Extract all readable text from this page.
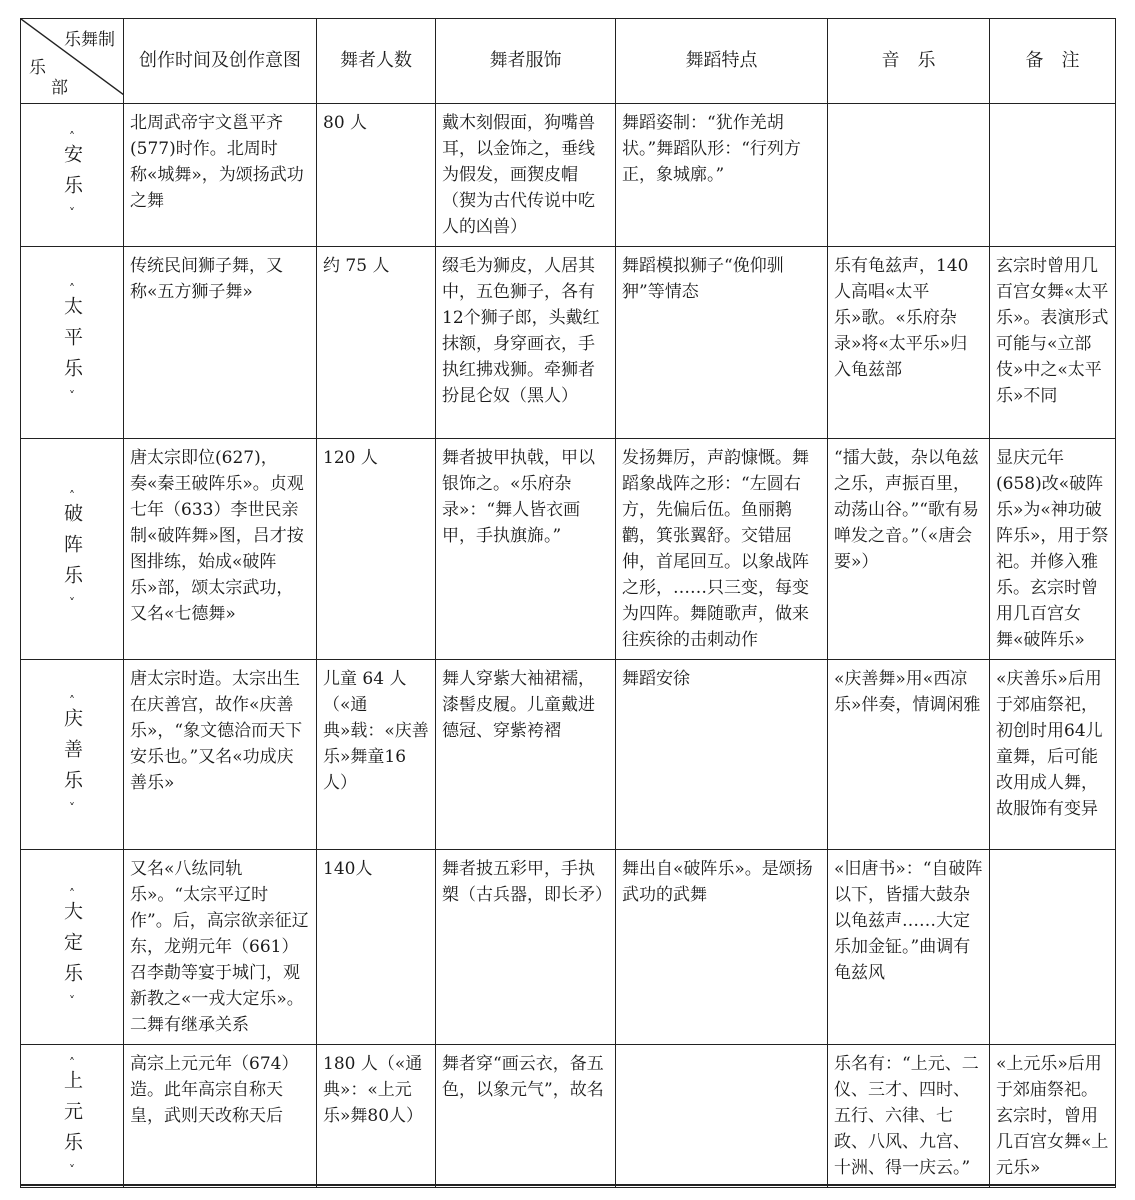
乐舞制
乐
部	创作时间及创作意图	舞者人数	舞者服饰	舞蹈特点	音　乐	备　注

˄
安乐
˅	北周武帝宇文邕平齐(577)时作。北周时称«城舞»，为颂扬武功之舞	80 人	戴木刻假面，狗嘴兽耳，以金饰之，垂线为假发，画猰皮帽（猰为古代传说中吃人的凶兽）	舞蹈姿制：“犹作羌胡状。”舞蹈队形：“行列方正，象城廓。”		

˄
太平乐
˅	传统民间狮子舞，又称«五方狮子舞»	约 75 人	缀毛为狮皮，人居其中，五色狮子，各有12个狮子郎，头戴红抹额，身穿画衣，手执红拂戏狮。牵狮者扮昆仑奴（黑人）	舞蹈模拟狮子“俛仰驯狎”等情态	乐有龟兹声，140人高唱«太平乐»歌。«乐府杂录»将«太平乐»归入龟兹部	玄宗时曾用几百宫女舞«太平乐»。表演形式可能与«立部伎»中之«太平乐»不同

˄
破阵乐
˅	唐太宗即位(627)，奏«秦王破阵乐»。贞观七年（633）李世民亲制«破阵舞»图，吕才按图排练，始成«破阵乐»部，颂太宗武功，又名«七德舞»	120 人	舞者披甲执戟，甲以银饰之。«乐府杂录»：“舞人皆衣画甲，手执旗旆。”	发扬舞厉，声韵慷慨。舞蹈象战阵之形：“左圆右方，先偏后伍。鱼丽鹅鹳，箕张翼舒。交错屈伸，首尾回互。以象战阵之形，……只三变，每变为四阵。舞随歌声，做来往疾徐的击刺动作	“擂大鼓，杂以龟兹之乐，声振百里，动荡山谷。”“歌有易啴发之音。”（«唐会要»）	显庆元年(658)改«破阵乐»为«神功破阵乐»，用于祭祀。并修入雅乐。玄宗时曾用几百宫女舞«破阵乐»

˄
庆善乐
˅	唐太宗时造。太宗出生在庆善宫，故作«庆善乐»，“象文德洽而天下安乐也。”又名«功成庆善乐»	儿童 64 人（«通典»载：«庆善乐»舞童16人）	舞人穿紫大袖裙襦，漆髻皮履。儿童戴进德冠、穿紫袴褶	舞蹈安徐	«庆善舞»用«西凉乐»伴奏，情调闲雅	«庆善乐»后用于郊庙祭祀，初创时用64儿童舞，后可能改用成人舞，故服饰有变异

˄
大定乐
˅	又名«八纮同轨乐»。“太宗平辽时作”。后，高宗欲亲征辽东，龙朔元年（661）召李勣等宴于城门，观新教之«一戎大定乐»。二舞有继承关系	140人	舞者披五彩甲，手执槊（古兵器，即长矛）	舞出自«破阵乐»。是颂扬武功的武舞	«旧唐书»：“自破阵以下，皆擂大鼓杂以龟兹声……大定乐加金钲。”曲调有龟兹风	

˄
上元乐
˅	高宗上元元年（674）造。此年高宗自称天皇，武则天改称天后	180 人（«通典»：«上元乐»舞80人）	舞者穿“画云衣，备五色，以象元气”，故名		乐名有：“上元、二仪、三才、四时、五行、六律、七政、八风、九宫、十洲、得一庆云。”	«上元乐»后用于郊庙祭祀。玄宗时，曾用几百宫女舞«上元乐»
